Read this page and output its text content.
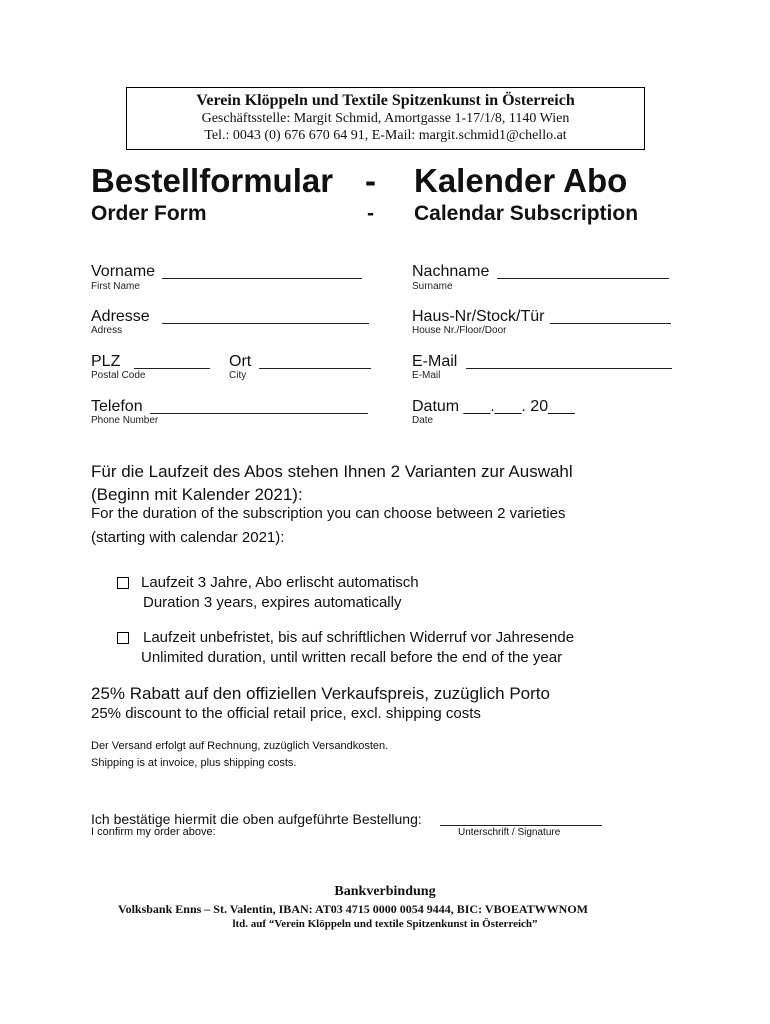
Verein Klöppeln und Textile Spitzenkunst in Österreich
Geschäftsstelle: Margit Schmid, Amortgasse 1-17/1/8, 1140 Wien
Tel.: 0043 (0) 676 670 64 91, E-Mail: margit.schmid1@chello.at
Bestellformular - Kalender Abo
Order Form	- Calendar Subscription
Vorname
First Name
Nachname
Surname
Adresse
Adress
Haus-Nr/Stock/Tür
House Nr./Floor/Door
PLZ
Postal Code
Ort
City
E-Mail
E-Mail
Telefon
Phone Number
Datum ___.___. 20___
Date
Für die Laufzeit des Abos stehen Ihnen 2 Varianten zur Auswahl
(Beginn mit Kalender 2021):
For the duration of the subscription you can choose between 2 varieties
(starting with calendar 2021):
Laufzeit 3 Jahre, Abo erlischt automatisch
Duration 3 years, expires automatically
Laufzeit unbefristet, bis auf schriftlichen Widerruf vor Jahresende
Unlimited duration, until written recall before the end of the year
25% Rabatt auf den offiziellen Verkaufspreis, zuzüglich Porto
25% discount to the official retail price, excl. shipping costs
Der Versand erfolgt auf Rechnung, zuzüglich Versandkosten.
Shipping is at invoice, plus shipping costs.
Ich bestätige hiermit die oben aufgeführte Bestellung:
I confirm my order above:	Unterschrift / Signature
Bankverbindung
Volksbank Enns – St. Valentin, IBAN: AT03 4715 0000 0054 9444, BIC: VBOEATWWNOM
ltd. auf “Verein Klöppeln und textile Spitzenkunst in Österreich”
